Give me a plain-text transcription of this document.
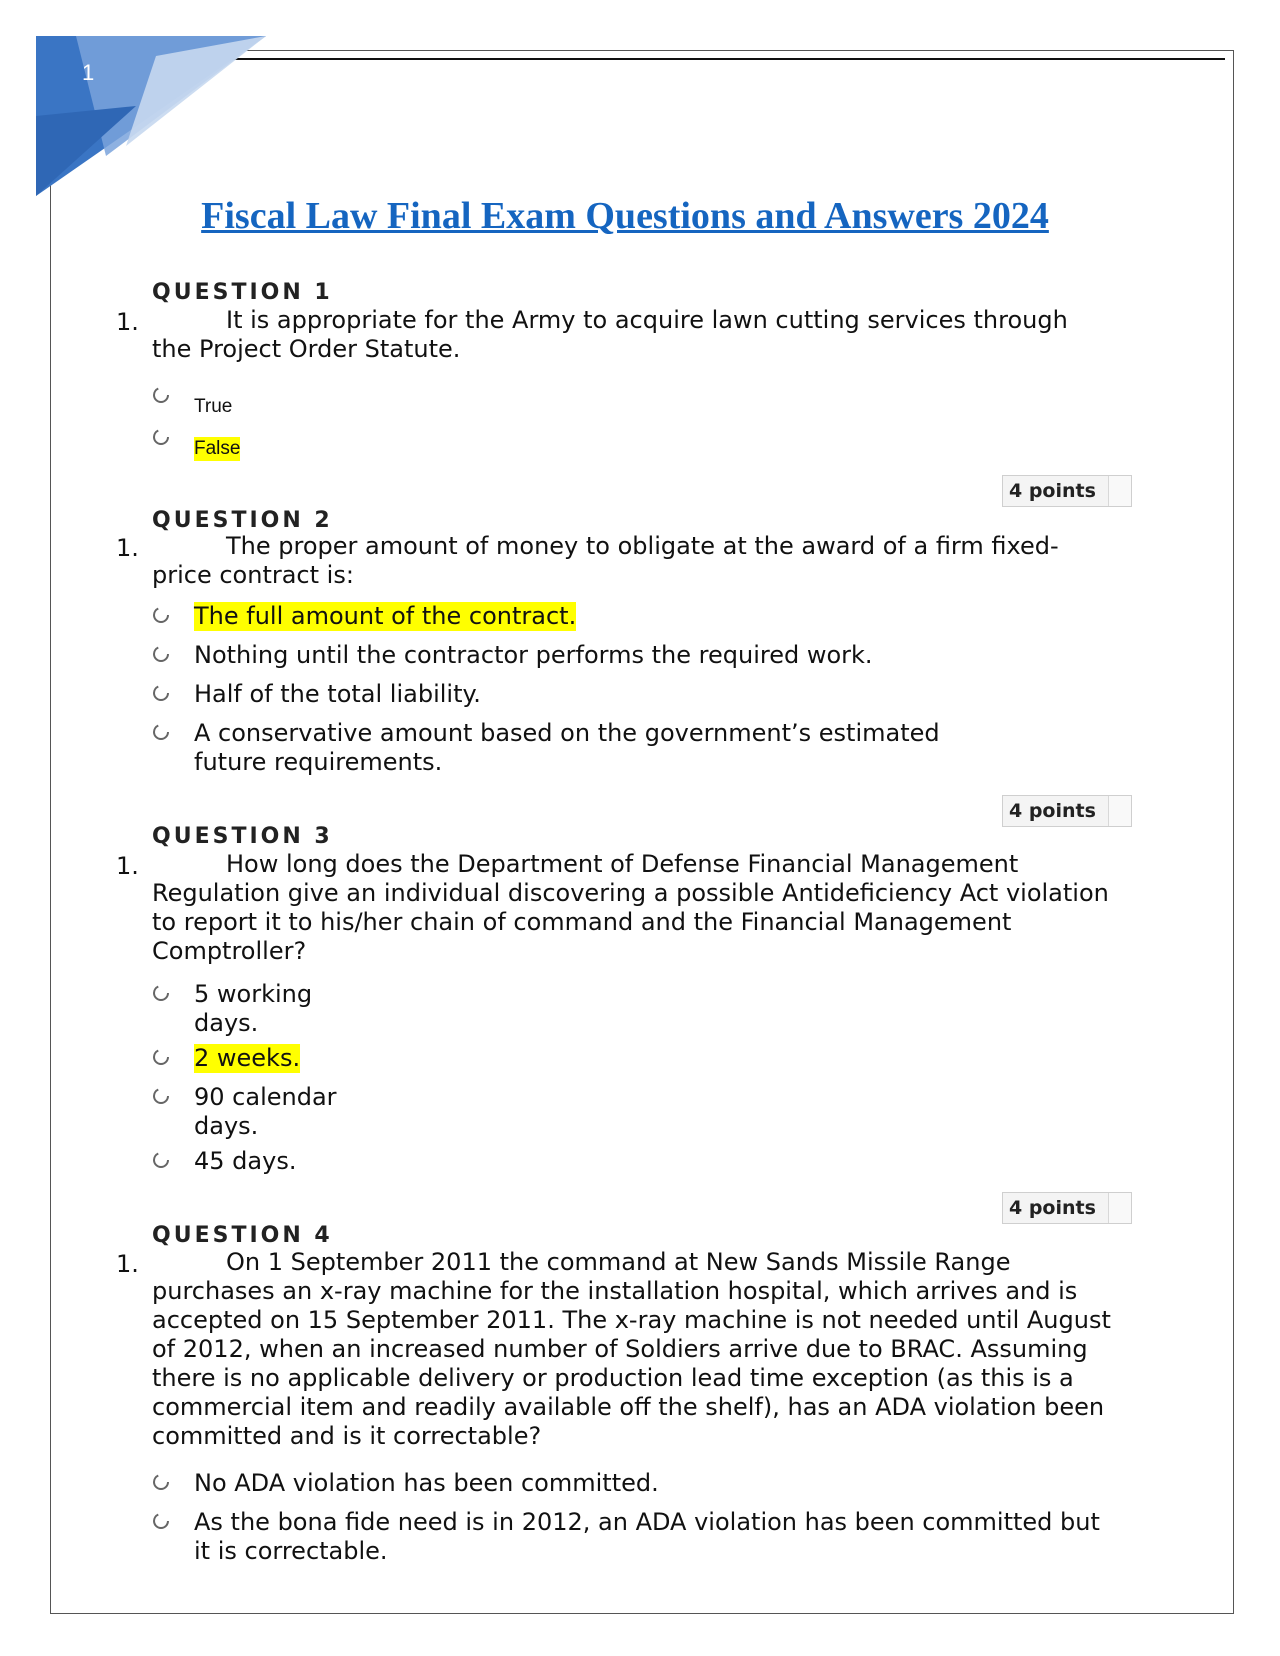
1
Fiscal Law Final Exam Questions and Answers 2024
QUESTION 1
1.	It is appropriate for the Army to acquire lawn cutting services through the Project Order Statute.
True
False
4 points
QUESTION 2
1.	The proper amount of money to obligate at the award of a firm fixed-price contract is:
The full amount of the contract.
Nothing until the contractor performs the required work.
Half of the total liability.
A conservative amount based on the government’s estimated future requirements.
4 points
QUESTION 3
1.	How long does the Department of Defense Financial Management Regulation give an individual discovering a possible Antideficiency Act violation to report it to his/her chain of command and the Financial Management Comptroller?
5 working days.
2 weeks.
90 calendar days.
45 days.
4 points
QUESTION 4
1.	On 1 September 2011 the command at New Sands Missile Range purchases an x-ray machine for the installation hospital, which arrives and is accepted on 15 September 2011. The x-ray machine is not needed until August of 2012, when an increased number of Soldiers arrive due to BRAC. Assuming there is no applicable delivery or production lead time exception (as this is a commercial item and readily available off the shelf), has an ADA violation been committed and is it correctable?
No ADA violation has been committed.
As the bona fide need is in 2012, an ADA violation has been committed but it is correctable.
